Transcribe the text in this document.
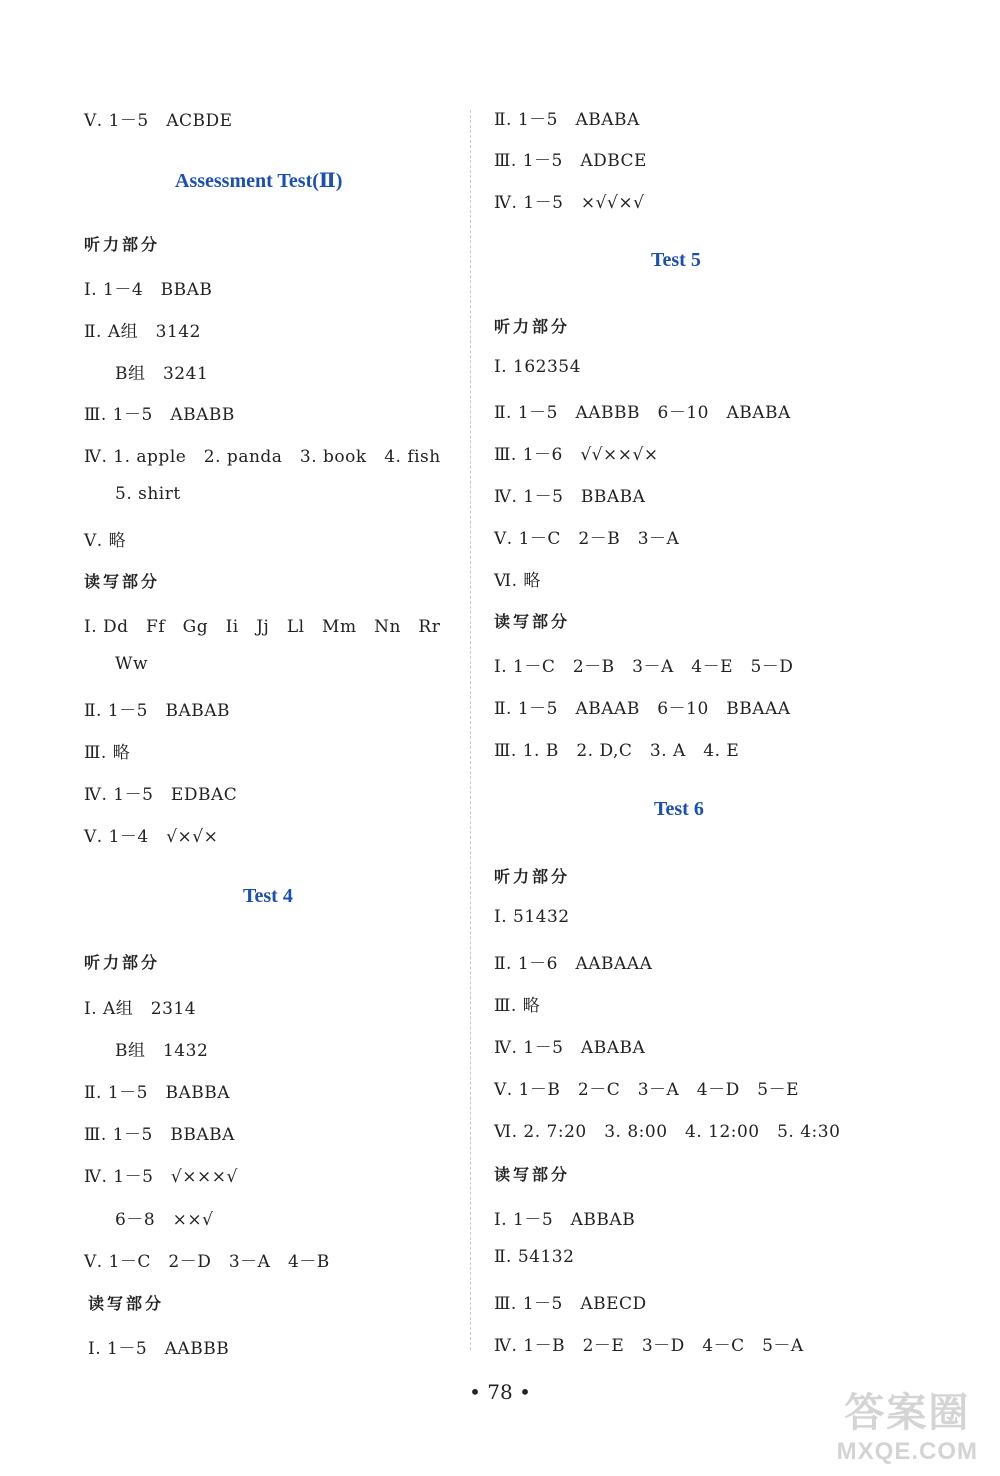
Ⅴ. 1－5　ACBDE
Assessment Test(Ⅱ)
听力部分
Ⅰ. 1－4　BBAB
Ⅱ. A组　3142
B组　3241
Ⅲ. 1－5　ABABB
Ⅳ. 1. apple　2. panda　3. book　4. fish
5. shirt
Ⅴ. 略
读写部分
Ⅰ. Dd　Ff　Gg　Ii　Jj　Ll　Mm　Nn　Rr
Ww
Ⅱ. 1－5　BABAB
Ⅲ. 略
Ⅳ. 1－5　EDBAC
Ⅴ. 1－4　√×√×
Test 4
听力部分
Ⅰ. A组　2314
B组　1432
Ⅱ. 1－5　BABBA
Ⅲ. 1－5　BBABA
Ⅳ. 1－5　√×××√
6－8　××√
Ⅴ. 1－C　2－D　3－A　4－B
读写部分
Ⅰ. 1－5　AABBB
Ⅱ. 1－5　ABABA
Ⅲ. 1－5　ADBCE
Ⅳ. 1－5　×√√×√
Test 5
听力部分
Ⅰ. 162354
Ⅱ. 1－5　AABBB　6－10　ABABA
Ⅲ. 1－6　√√××√×
Ⅳ. 1－5　BBABA
Ⅴ. 1－C　2－B　3－A
Ⅵ. 略
读写部分
Ⅰ. 1－C　2－B　3－A　4－E　5－D
Ⅱ. 1－5　ABAAB　6－10　BBAAA
Ⅲ. 1. B　2. D,C　3. A　4. E
Test 6
听力部分
Ⅰ. 51432
Ⅱ. 1－6　AABAAA
Ⅲ. 略
Ⅳ. 1－5　ABABA
Ⅴ. 1－B　2－C　3－A　4－D　5－E
Ⅵ. 2. 7:20　3. 8:00　4. 12:00　5. 4:30
读写部分
Ⅰ. 1－5　ABBAB
Ⅱ. 54132
Ⅲ. 1－5　ABECD
Ⅳ. 1－B　2－E　3－D　4－C　5－A
• 78 •	答案圈
MXQE.COM
